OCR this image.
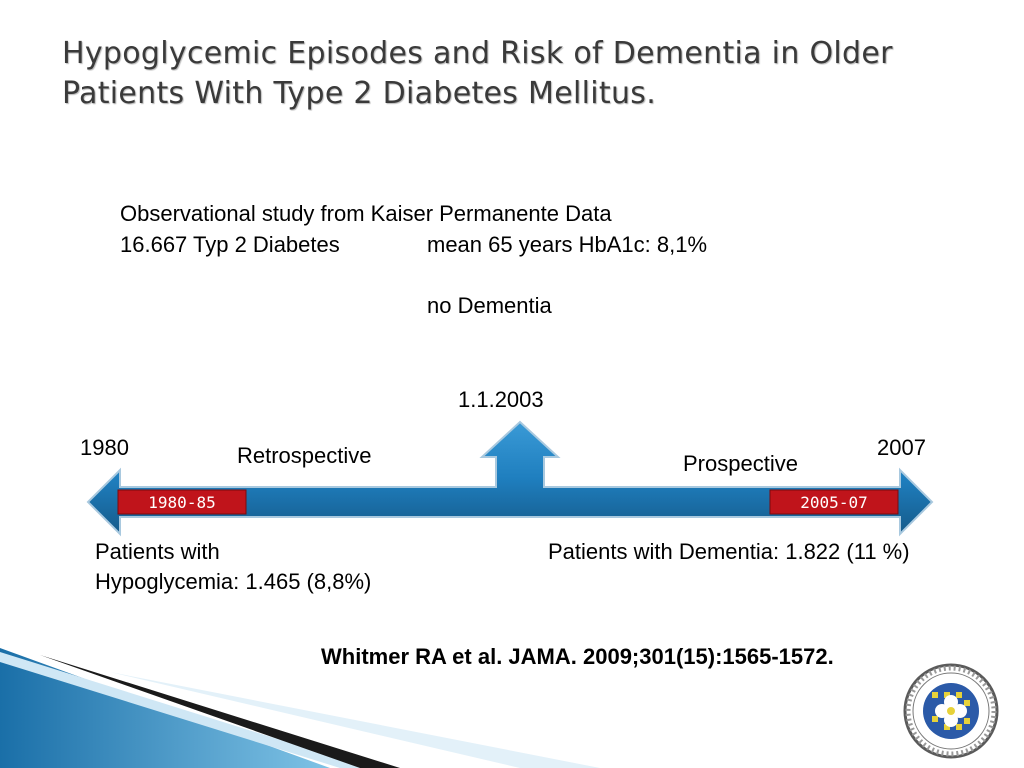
Hypoglycemic Episodes and Risk of Dementia in Older Patients With Type 2 Diabetes Mellitus.
Observational study from Kaiser Permanente Data
16.667 Typ 2 Diabetes	mean 65 years HbA1c: 8,1%
no Dementia
1.1.2003
1980	2007
Retrospective	Prospective
1980-85	2005-07
Patients with
Hypoglycemia: 1.465 (8,8%)
Patients with Dementia: 1.822 (11 %)
Whitmer RA et al. JAMA. 2009;301(15):1565-1572.
